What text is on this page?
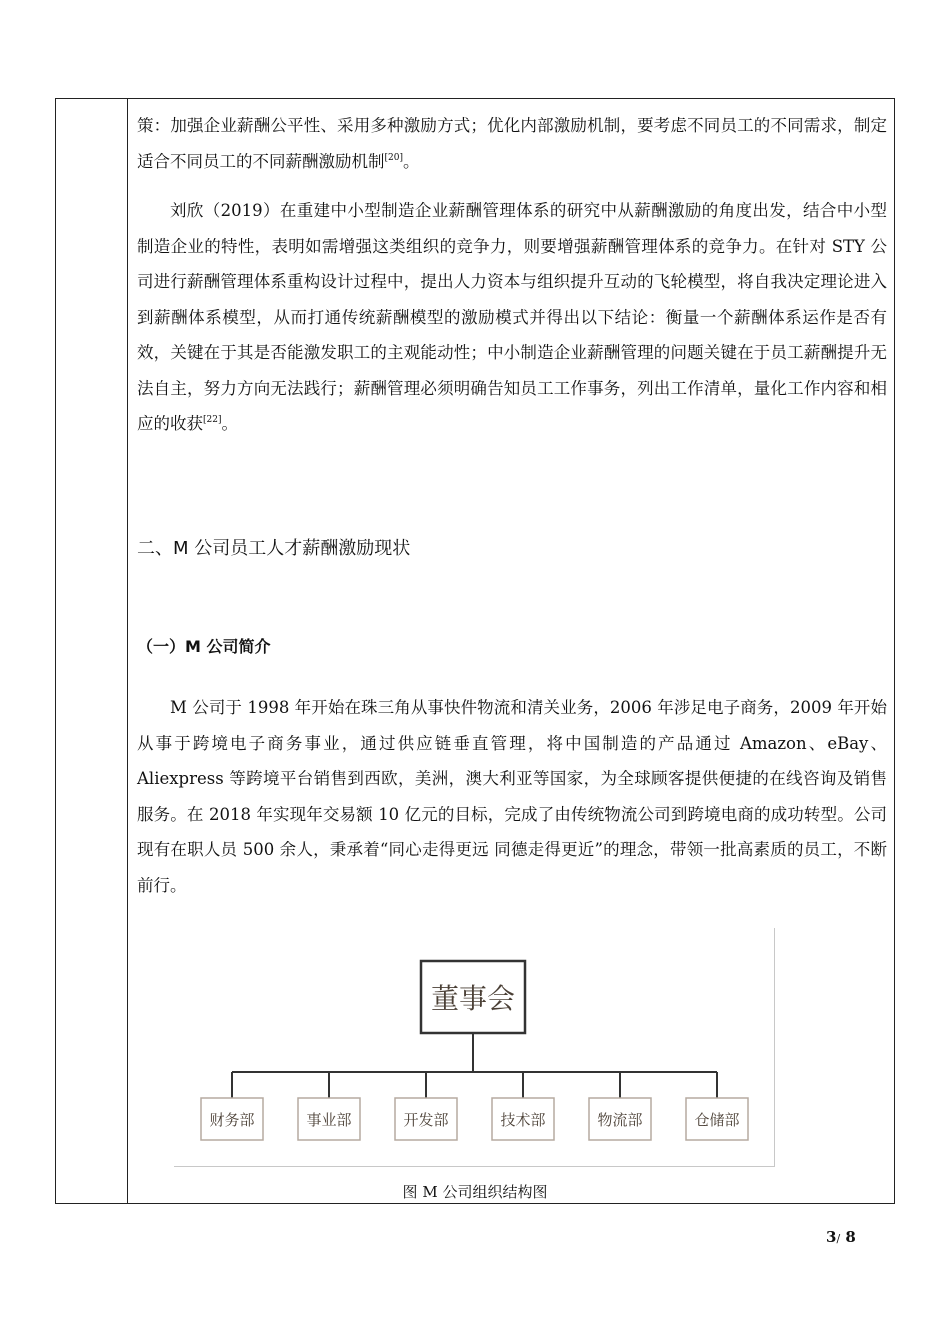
策：加强企业薪酬公平性、采用多种激励方式；优化内部激励机制，要考虑不同员工的不同需求，制定适合不同员工的不同薪酬激励机制[20]。

刘欣（2019）在重建中小型制造企业薪酬管理体系的研究中从薪酬激励的角度出发，结合中小型制造企业的特性，表明如需增强这类组织的竞争力，则要增强薪酬管理体系的竞争力。在针对 STY 公司进行薪酬管理体系重构设计过程中，提出人力资本与组织提升互动的飞轮模型，将自我决定理论进入到薪酬体系模型，从而打通传统薪酬模型的激励模式并得出以下结论：衡量一个薪酬体系运作是否有效，关键在于其是否能激发职工的主观能动性；中小制造企业薪酬管理的问题关键在于员工薪酬提升无法自主，努力方向无法践行；薪酬管理必须明确告知员工工作事务，列出工作清单，量化工作内容和相应的收获[22]。

二、M 公司员工人才薪酬激励现状
（一）M 公司简介

M 公司于 1998 年开始在珠三角从事快件物流和清关业务，2006 年涉足电子商务，2009 年开始从事于跨境电子商务事业，通过供应链垂直管理，将中国制造的产品通过 Amazon、eBay、Aliexpress 等跨境平台销售到西欧，美洲，澳大利亚等国家，为全球顾客提供便捷的在线咨询及销售服务。在 2018 年实现年交易额 10 亿元的目标，完成了由传统物流公司到跨境电商的成功转型。公司现有在职人员 500 余人，秉承着“同心走得更远 同德走得更近”的理念，带领一批高素质的员工，不断前行。

董事会
财务部	事业部	开发部	技术部	物流部	仓储部
图 M 公司组织结构图
3/ 8
